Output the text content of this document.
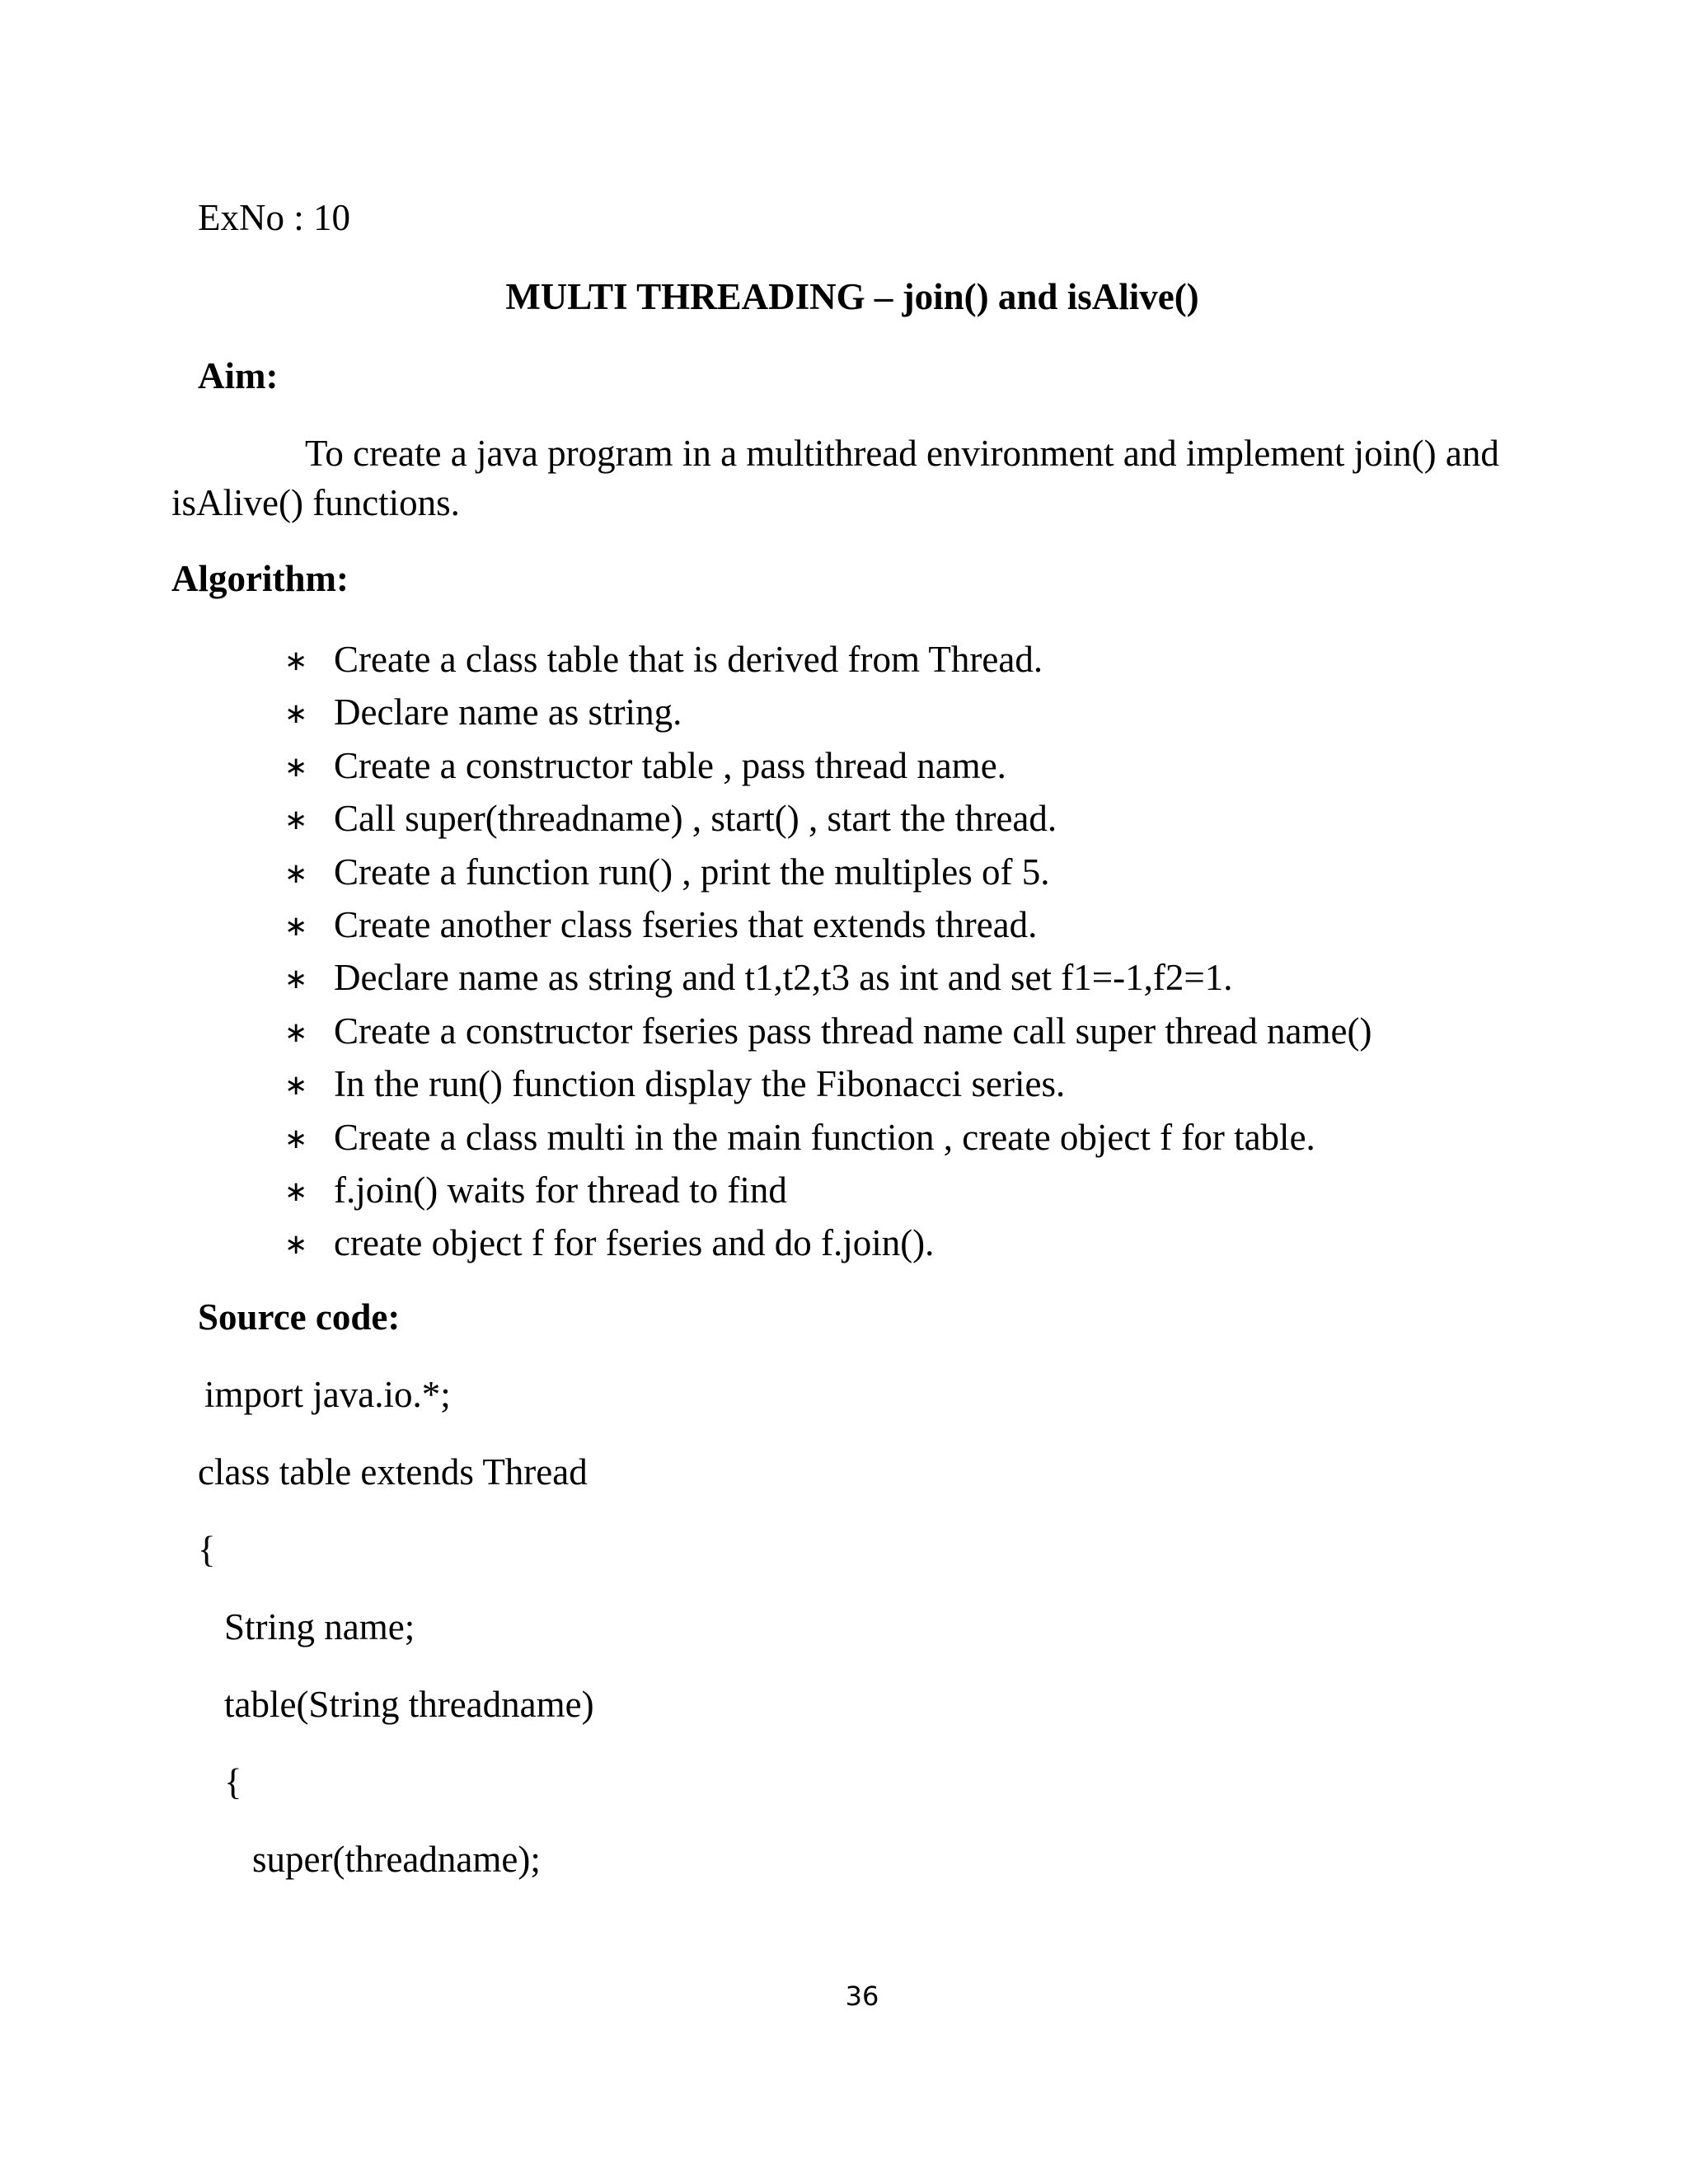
ExNo : 10
MULTI THREADING – join() and isAlive()
Aim:
To create a java program in a multithread environment and implement join() and isAlive() functions.
Algorithm:
∗ Create a class table that is derived from Thread.
∗ Declare name as string.
∗ Create a constructor table , pass thread name.
∗ Call super(threadname) , start() , start the thread.
∗ Create a function run() , print the multiples of 5.
∗ Create another class fseries that extends thread.
∗ Declare name as string and t1,t2,t3 as int and set f1=-1,f2=1.
∗ Create a constructor fseries pass thread name call super thread name()
∗ In the run() function display the Fibonacci series.
∗ Create a class multi in the main function , create object f for table.
∗ f.join() waits for thread to find
∗ create object f for fseries and do f.join().
Source code:
import java.io.*;
class table extends Thread
{
String name;
table(String threadname)
{
super(threadname);
36
